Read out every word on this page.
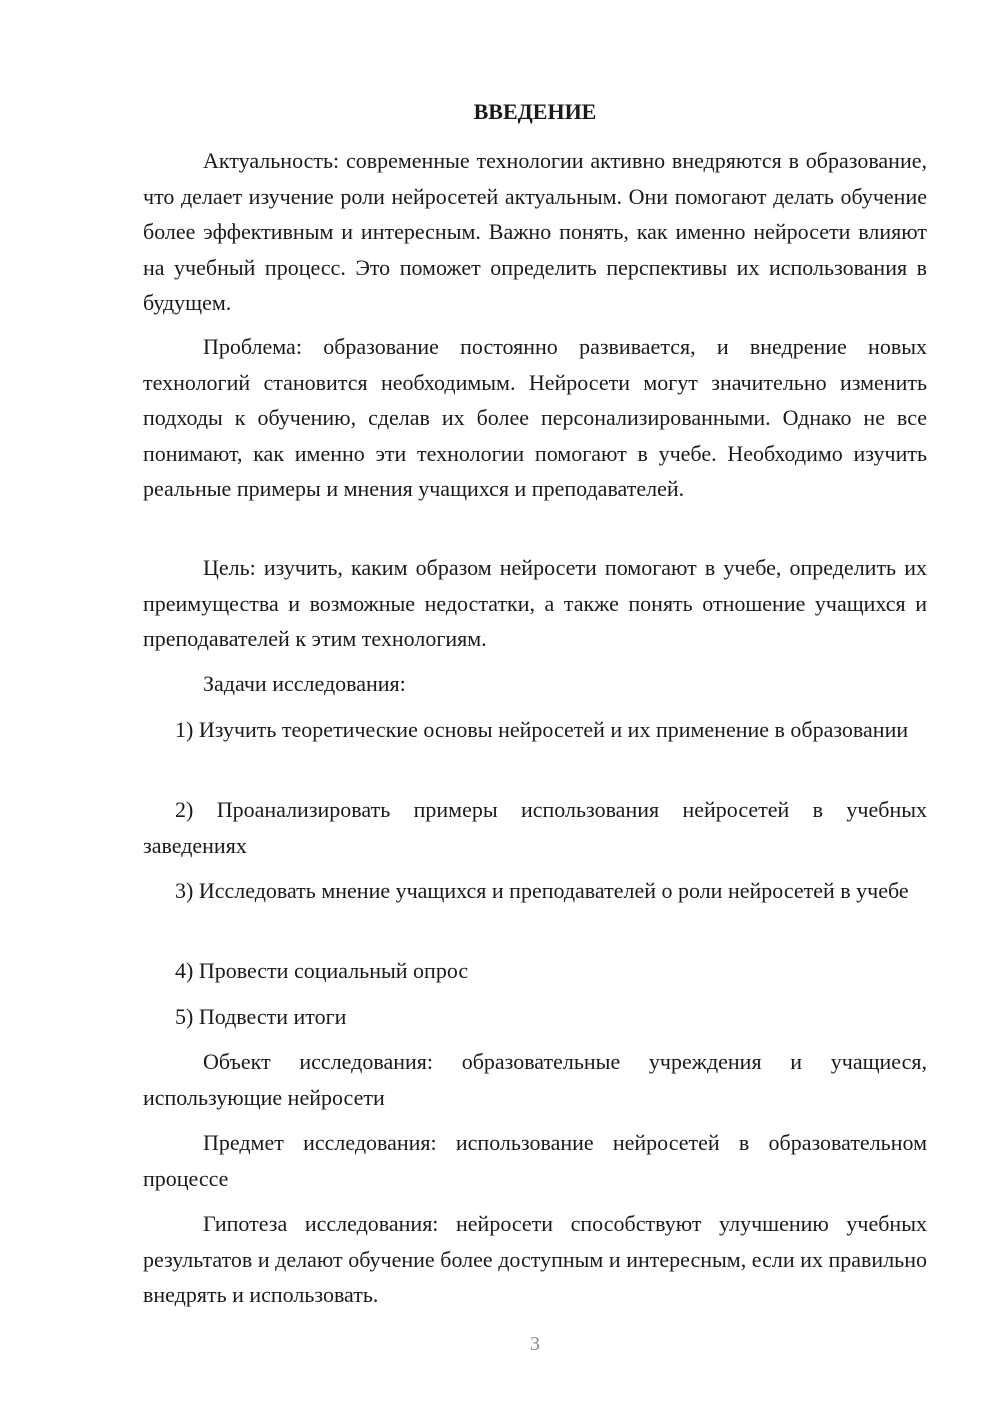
ВВЕДЕНИЕ

Актуальность: современные технологии активно внедряются в образование, что делает изучение роли нейросетей актуальным. Они помогают делать обучение более эффективным и интересным. Важно понять, как именно нейросети влияют на учебный процесс. Это поможет определить перспективы их использования в будущем.

Проблема: образование постоянно развивается, и внедрение новых технологий становится необходимым. Нейросети могут значительно изменить подходы к обучению, сделав их более персонализированными. Однако не все понимают, как именно эти технологии помогают в учебе. Необходимо изучить реальные примеры и мнения учащихся и преподавателей.

Цель: изучить, каким образом нейросети помогают в учебе, определить их преимущества и возможные недостатки, а также понять отношение учащихся и преподавателей к этим технологиям.

Задачи исследования:

1) Изучить теоретические основы нейросетей и их применение в образовании

2) Проанализировать примеры использования нейросетей в учебных заведениях

3) Исследовать мнение учащихся и преподавателей о роли нейросетей в учебе

4) Провести социальный опрос

5) Подвести итоги

Объект исследования: образовательные учреждения и учащиеся, использующие нейросети

Предмет исследования: использование нейросетей в образовательном процессе

Гипотеза исследования: нейросети способствуют улучшению учебных результатов и делают обучение более доступным и интересным, если их правильно внедрять и использовать.

3
